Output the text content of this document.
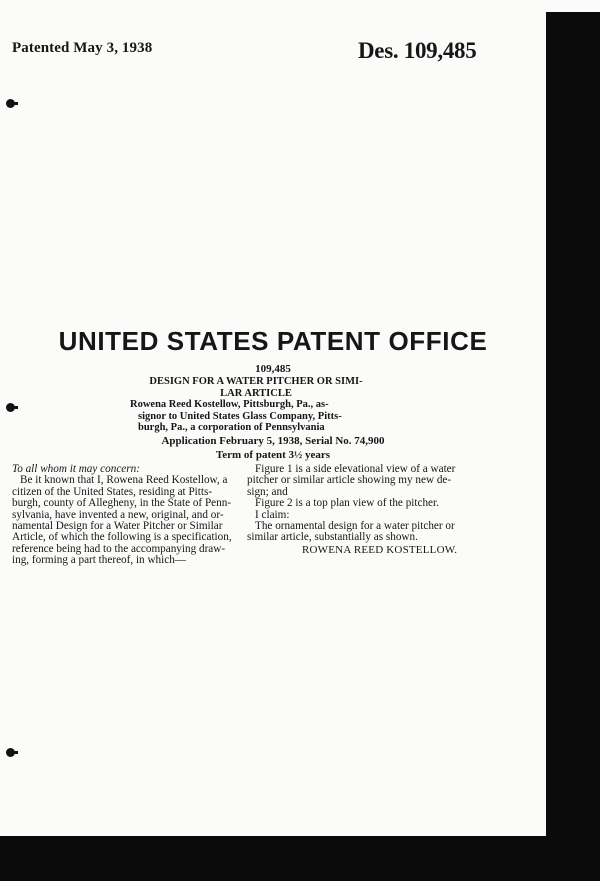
Patented May 3, 1938	Des. 109,485
UNITED STATES PATENT OFFICE
109,485
DESIGN FOR A WATER PITCHER OR SIMI-
LAR ARTICLE
Rowena Reed Kostellow, Pittsburgh, Pa., as-
signor to United States Glass Company, Pitts-
burgh, Pa., a corporation of Pennsylvania
Application February 5, 1938, Serial No. 74,900
Term of patent 3½ years
To all whom it may concern:
Be it known that I, Rowena Reed Kostellow, a
citizen of the United States, residing at Pitts-
burgh, county of Allegheny, in the State of Penn-
sylvania, have invented a new, original, and or-
namental Design for a Water Pitcher or Similar
Article, of which the following is a specification,
reference being had to the accompanying draw-
ing, forming a part thereof, in which—
Figure 1 is a side elevational view of a water
pitcher or similar article showing my new de-
sign; and
Figure 2 is a top plan view of the pitcher.
I claim:
The ornamental design for a water pitcher or
similar article, substantially as shown.
ROWENA REED KOSTELLOW.
